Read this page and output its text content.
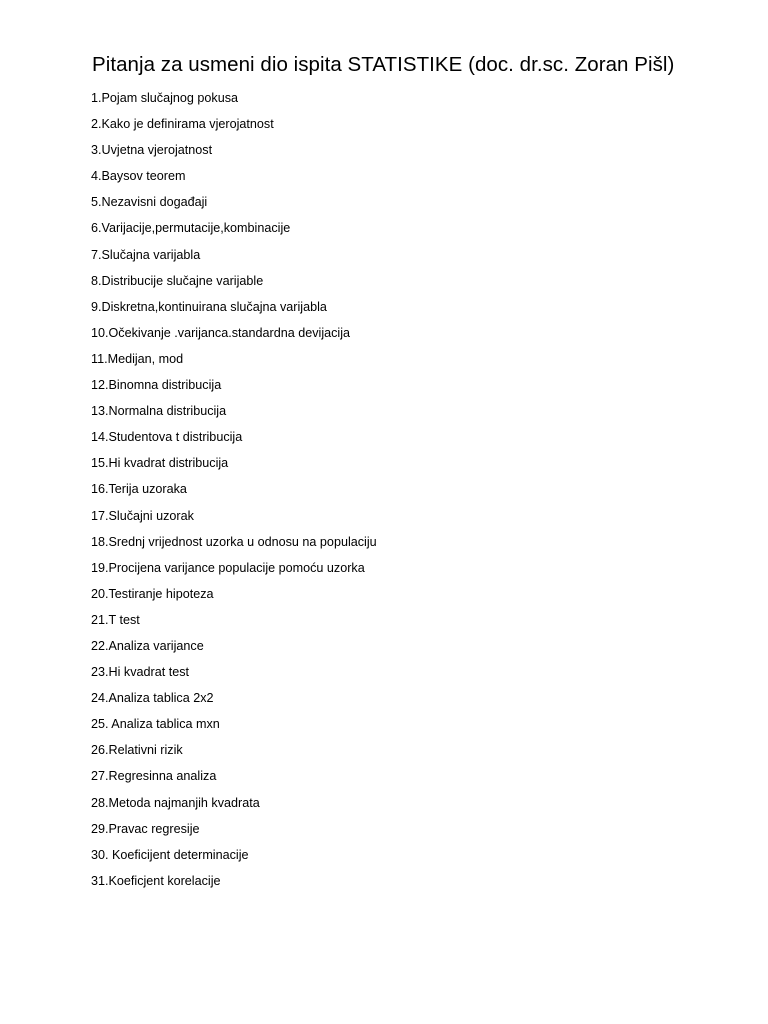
Pitanja za usmeni dio ispita STATISTIKE (doc. dr.sc. Zoran Pišl)
1.Pojam slučajnog pokusa
2.Kako je definirama vjerojatnost
3.Uvjetna vjerojatnost
4.Baysov teorem
5.Nezavisni događaji
6.Varijacije,permutacije,kombinacije
7.Slučajna varijabla
8.Distribucije slučajne varijable
9.Diskretna,kontinuirana slučajna varijabla
10.Očekivanje .varijanca.standardna devijacija
11.Medijan, mod
12.Binomna distribucija
13.Normalna distribucija
14.Studentova t distribucija
15.Hi kvadrat distribucija
16.Terija uzoraka
17.Slučajni uzorak
18.Srednj vrijednost uzorka u odnosu na populaciju
19.Procijena varijance populacije pomoću uzorka
20.Testiranje hipoteza
21.T test
22.Analiza varijance
23.Hi kvadrat test
24.Analiza tablica 2x2
25. Analiza tablica mxn
26.Relativni rizik
27.Regresinna analiza
28.Metoda najmanjih kvadrata
29.Pravac regresije
30. Koeficijent determinacije
31.Koeficjent korelacije
